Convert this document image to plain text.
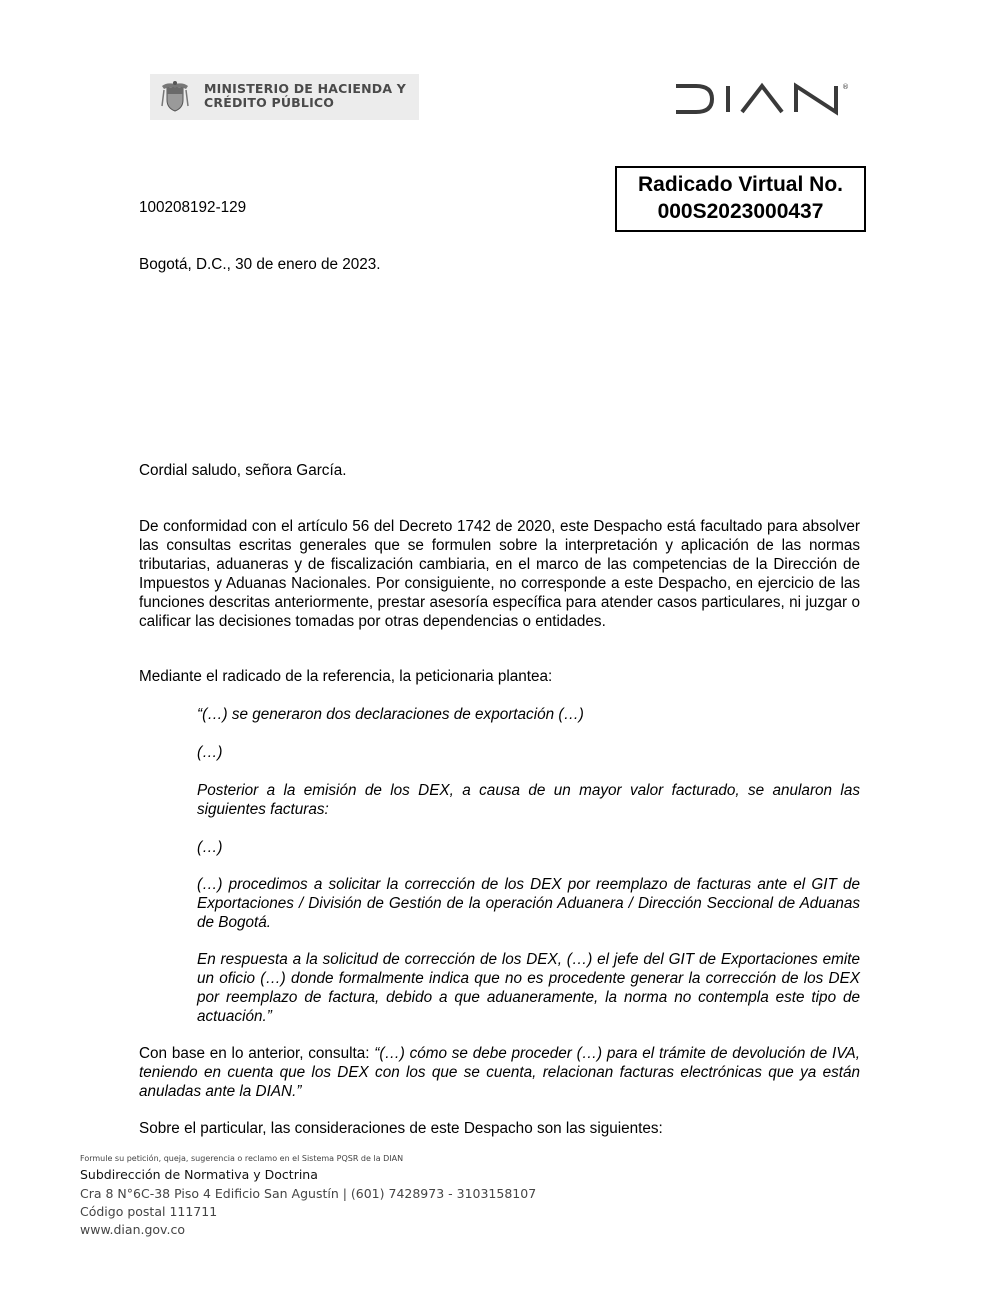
MINISTERIO DE HACIENDA Y
CRÉDITO PÚBLICO
®
Radicado Virtual No.
000S2023000437
100208192-129
Bogotá, D.C., 30 de enero de 2023.
Cordial saludo, señora García.
De conformidad con el artículo 56 del Decreto 1742 de 2020, este Despacho está facultado para absolver las consultas escritas generales que se formulen sobre la interpretación y aplicación de las normas tributarias, aduaneras y de fiscalización cambiaria, en el marco de las competencias de la Dirección de Impuestos y Aduanas Nacionales. Por consiguiente, no corresponde a este Despacho, en ejercicio de las funciones descritas anteriormente, prestar asesoría específica para atender casos particulares, ni juzgar o calificar las decisiones tomadas por otras dependencias o entidades.
Mediante el radicado de la referencia, la peticionaria plantea:
“(…) se generaron dos declaraciones de exportación (…)
(…)
Posterior a la emisión de los DEX, a causa de un mayor valor facturado, se anularon las siguientes facturas:
(…)
(…) procedimos a solicitar la corrección de los DEX por reemplazo de facturas ante el GIT de Exportaciones / División de Gestión de la operación Aduanera / Dirección Seccional de Aduanas de Bogotá.
En respuesta a la solicitud de corrección de los DEX, (…) el jefe del GIT de Exportaciones emite un oficio (…) donde formalmente indica que no es procedente generar la corrección de los DEX por reemplazo de factura, debido a que aduaneramente, la norma no contempla este tipo de actuación.”
Con base en lo anterior, consulta: “(…) cómo se debe proceder (…) para el trámite de devolución de IVA, teniendo en cuenta que los DEX con los que se cuenta, relacionan facturas electrónicas que ya están anuladas ante la DIAN.”
Sobre el particular, las consideraciones de este Despacho son las siguientes:
Formule su petición, queja, sugerencia o reclamo en el Sistema PQSR de la DIAN
Subdirección de Normativa y Doctrina
Cra 8 N°6C-38 Piso 4 Edificio San Agustín | (601) 7428973 - 3103158107
Código postal 111711
www.dian.gov.co
